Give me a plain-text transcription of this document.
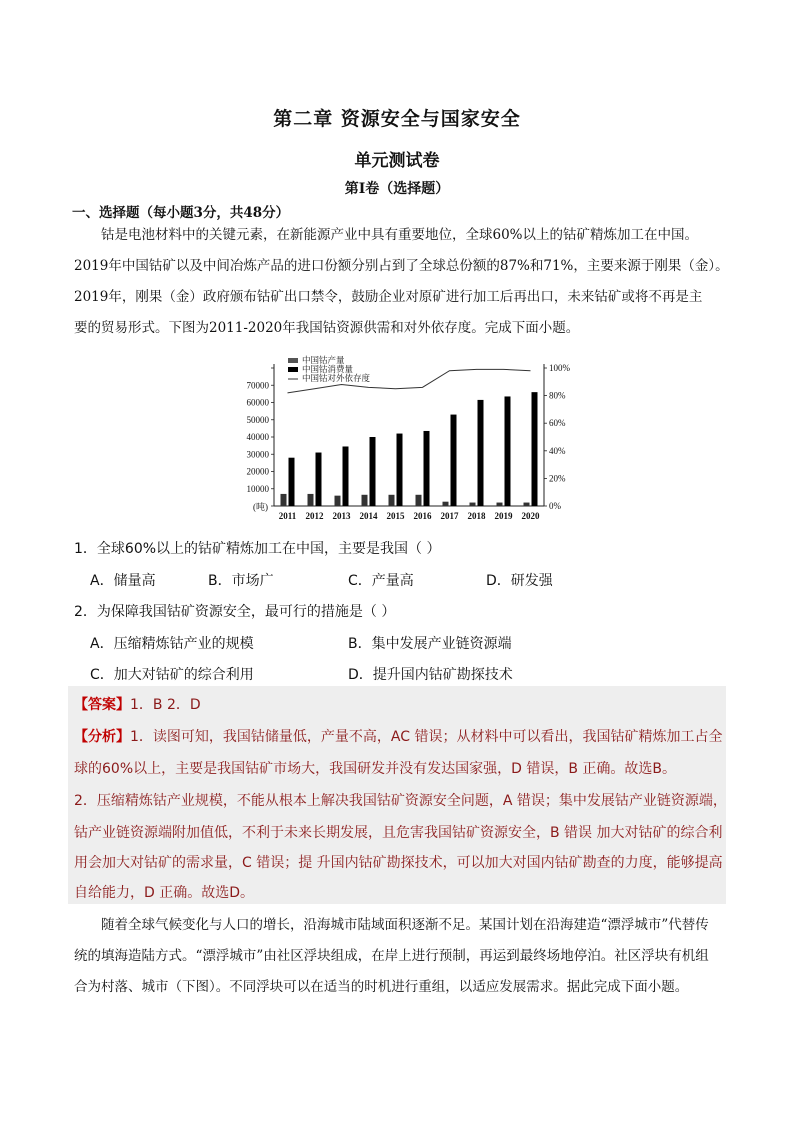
第二章 资源安全与国家安全
单元测试卷
第Ⅰ卷（选择题）
一、选择题（每小题3分，共48分）

钴是电池材料中的关键元素，在新能源产业中具有重要地位，全球60%以上的钴矿精炼加工在中国。

2019年中国钴矿以及中间冶炼产品的进口份额分别占到了全球总份额的87%和71%，主要来源于刚果（金）。

2019年，刚果（金）政府颁布钴矿出口禁令，鼓励企业对原矿进行加工后再出口，未来钴矿或将不再是主

要的贸易形式。下图为2011-2020年我国钴资源供需和对外依存度。完成下面小题。

10000
20000
30000
40000
50000
60000
70000
(吨)	0%
20%
40%
60%
80%
100%
2011 2012 2013 2014 2015 2016 2017 2018 2019 2020
中国钴产量
中国钴消费量
中国钴对外依存度
1．全球60%以上的钴矿精炼加工在中国，主要是我国（ ）
A．储量高	B．市场广	C．产量高	D．研发强
2．为保障我国钴矿资源安全，最可行的措施是（ ）
A．压缩精炼钴产业的规模	B．集中发展产业链资源端
C．加大对钴矿的综合利用	D．提升国内钴矿勘探技术
【答案】1．B 2．D
【分析】1．读图可知，我国钴储量低，产量不高，AC 错误；从材料中可以看出，我国钴矿精炼加工占全
球的60%以上，主要是我国钴矿市场大，我国研发并没有发达国家强，D 错误，B 正确。故选B。
2．压缩精炼钴产业规模，不能从根本上解决我国钴矿资源安全问题，A 错误；集中发展钴产业链资源端，
钴产业链资源端附加值低，不利于未来长期发展，且危害我国钴矿资源安全，B 错误 加大对钴矿的综合利
用会加大对钴矿的需求量，C 错误；提 升国内钴矿勘探技术，可以加大对国内钴矿勘查的力度，能够提高
自给能力，D 正确。故选D。

随着全球气候变化与人口的增长，沿海城市陆域面积逐渐不足。某国计划在沿海建造“漂浮城市”代替传

统的填海造陆方式。“漂浮城市”由社区浮块组成，在岸上进行预制，再运到最终场地停泊。社区浮块有机组

合为村落、城市（下图）。不同浮块可以在适当的时机进行重组，以适应发展需求。据此完成下面小题。
